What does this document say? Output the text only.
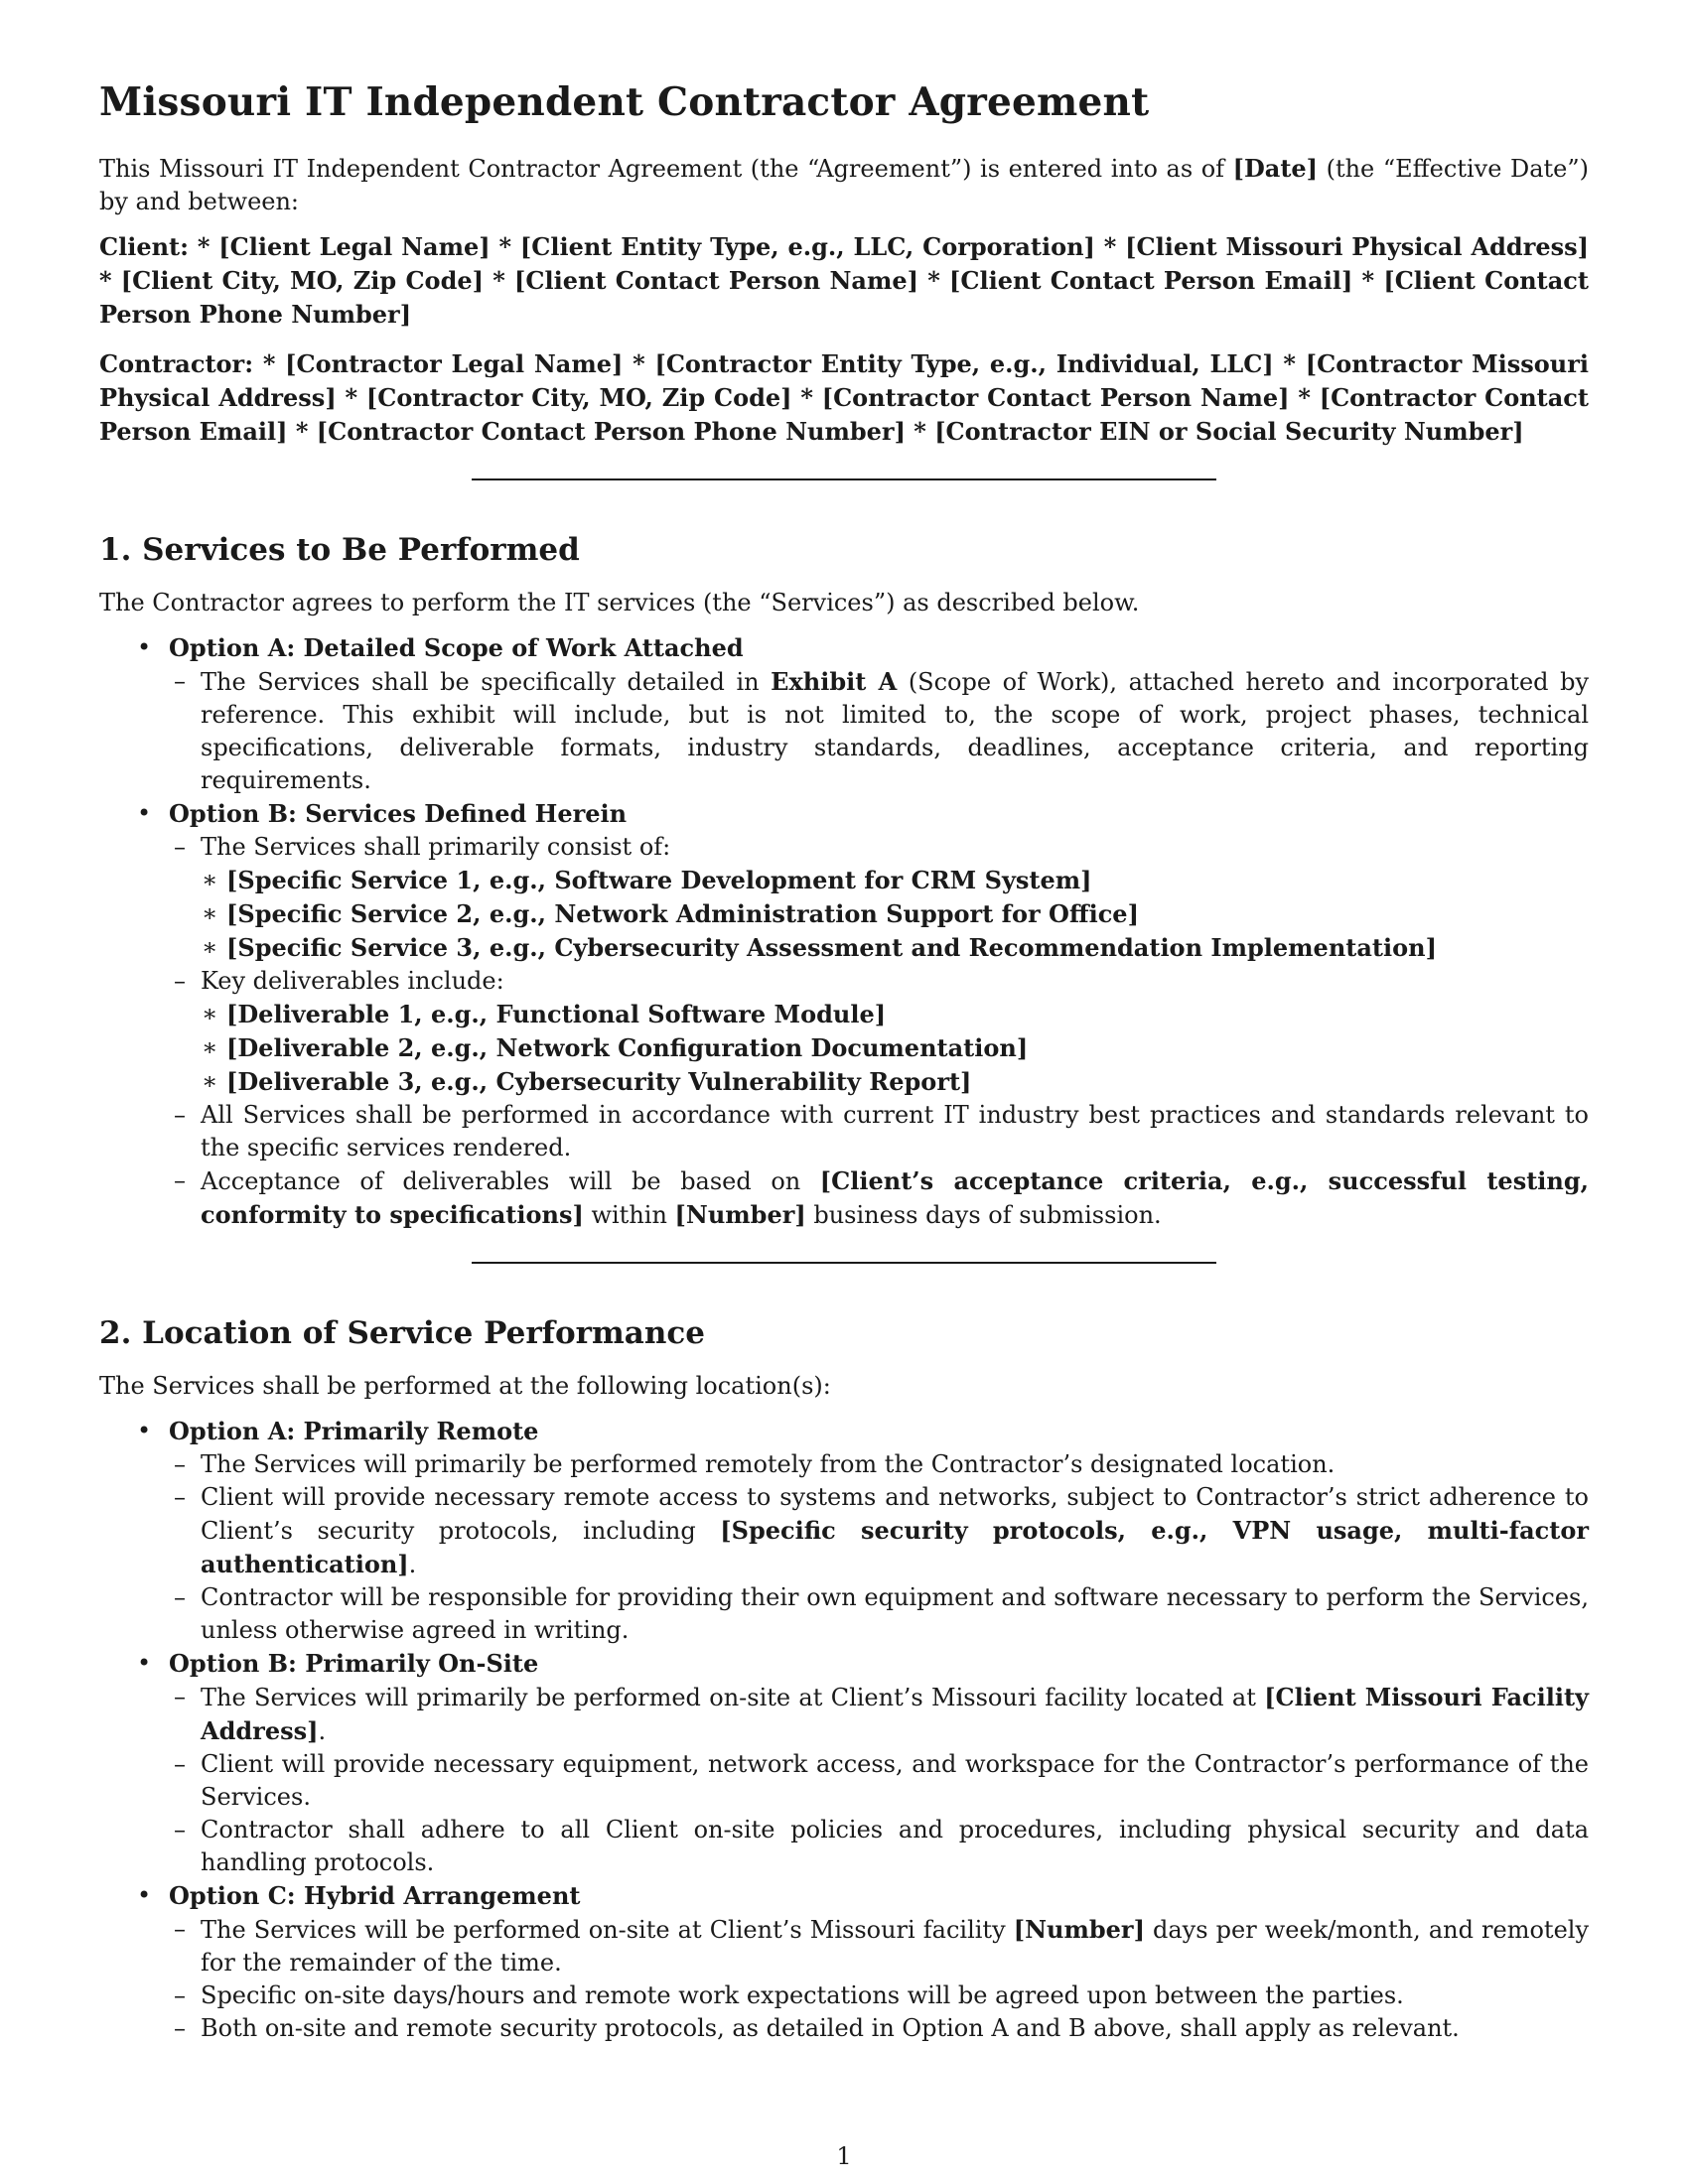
Missouri IT Independent Contractor Agreement

This Missouri IT Independent Contractor Agreement (the “Agreement”) is entered into as of [Date] (the “Effective Date”) by and between:

Client: * [Client Legal Name] * [Client Entity Type, e.g., LLC, Corporation] * [Client Missouri Physical Address] * [Client City, MO, Zip Code] * [Client Contact Person Name] * [Client Contact Person Email] * [Client Contact Person Phone Number]

Contractor: * [Contractor Legal Name] * [Contractor Entity Type, e.g., Individual, LLC] * [Contractor Missouri Physical Address] * [Contractor City, MO, Zip Code] * [Contractor Contact Person Name] * [Contractor Contact Person Email] * [Contractor Contact Person Phone Number] * [Contractor EIN or Social Security Number]

1. Services to Be Performed

The Contractor agrees to perform the IT services (the “Services”) as described below.

• Option A: Detailed Scope of Work Attached
– The Services shall be specifically detailed in Exhibit A (Scope of Work), attached hereto and incorporated by reference. This exhibit will include, but is not limited to, the scope of work, project phases, technical specifications, deliverable formats, industry standards, deadlines, acceptance criteria, and reporting requirements.
• Option B: Services Defined Herein
– The Services shall primarily consist of:
∗ [Specific Service 1, e.g., Software Development for CRM System]
∗ [Specific Service 2, e.g., Network Administration Support for Office]
∗ [Specific Service 3, e.g., Cybersecurity Assessment and Recommendation Implementation]
– Key deliverables include:
∗ [Deliverable 1, e.g., Functional Software Module]
∗ [Deliverable 2, e.g., Network Configuration Documentation]
∗ [Deliverable 3, e.g., Cybersecurity Vulnerability Report]
– All Services shall be performed in accordance with current IT industry best practices and standards relevant to the specific services rendered.
– Acceptance of deliverables will be based on [Client’s acceptance criteria, e.g., successful testing, conformity to specifications] within [Number] business days of submission.
2. Location of Service Performance

The Services shall be performed at the following location(s):

• Option A: Primarily Remote
– The Services will primarily be performed remotely from the Contractor’s designated location.
– Client will provide necessary remote access to systems and networks, subject to Contractor’s strict adherence to Client’s security protocols, including [Specific security protocols, e.g., VPN usage, multi-factor authentication].
– Contractor will be responsible for providing their own equipment and software necessary to perform the Services, unless otherwise agreed in writing.
• Option B: Primarily On-Site
– The Services will primarily be performed on-site at Client’s Missouri facility located at [Client Missouri Facility Address].
– Client will provide necessary equipment, network access, and workspace for the Contractor’s performance of the Services.
– Contractor shall adhere to all Client on-site policies and procedures, including physical security and data handling protocols.
• Option C: Hybrid Arrangement
– The Services will be performed on-site at Client’s Missouri facility [Number] days per week/month, and remotely for the remainder of the time.
– Specific on-site days/hours and remote work expectations will be agreed upon between the parties.
– Both on-site and remote security protocols, as detailed in Option A and B above, shall apply as relevant.
1
